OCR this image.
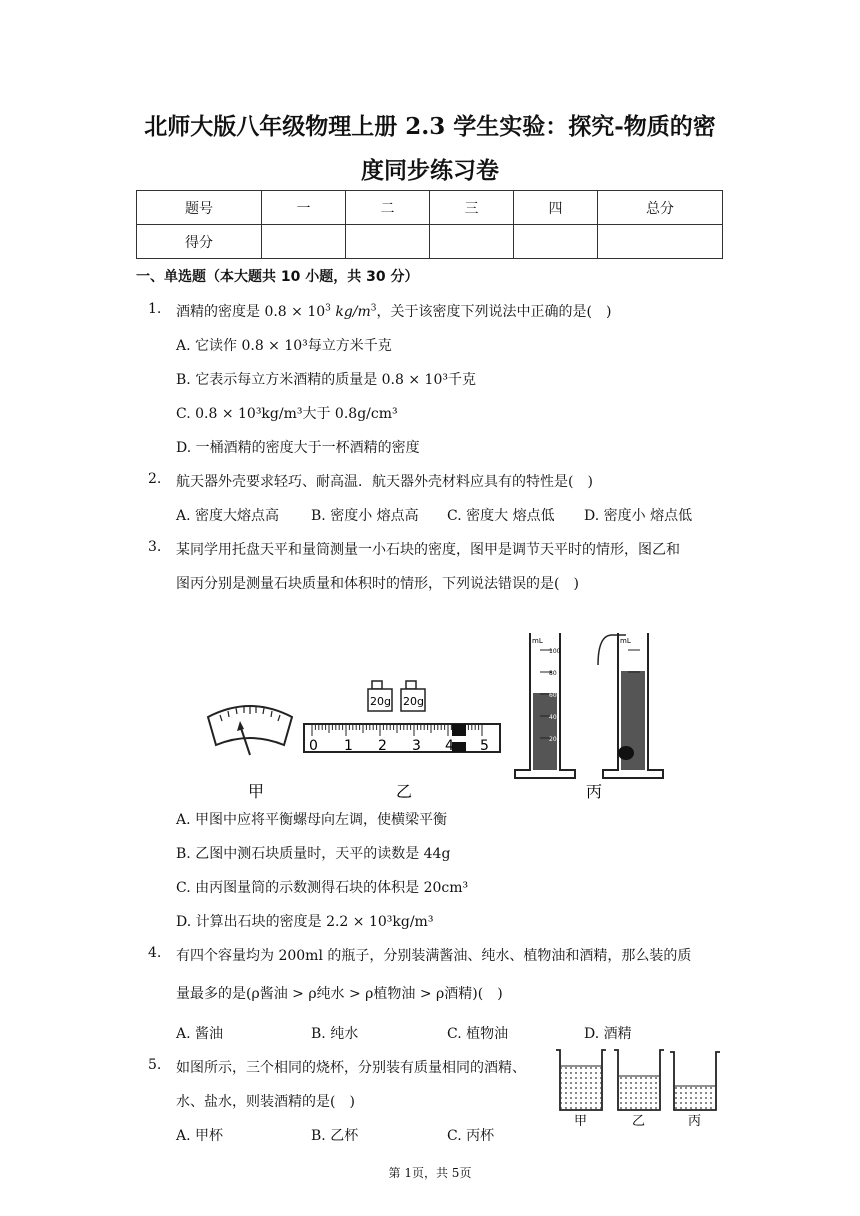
北师大版八年级物理上册 2.3 学生实验：探究-物质的密
度同步练习卷
题号	一	二	三	四	总分
得分					
一、单选题（本大题共 10 小题，共 30 分）
1. 酒精的密度是 $0.8 \times 10^3$ $kg/m^3$，关于该密度下列说法中正确的是(　)
A. 它读作 0.8 × 10³每立方米千克
B. 它表示每立方米酒精的质量是 0.8 × 10³千克
C. 0.8 × 10³kg/m³大于 0.8g/cm³
D. 一桶酒精的密度大于一杯酒精的密度
2. 航天器外壳要求轻巧、耐高温．航天器外壳材料应具有的特性是(　)
A. 密度大熔点高 B. 密度小 熔点高 C. 密度大 熔点低 D. 密度小 熔点低
3. 某同学用托盘天平和量筒测量一小石块的密度，图甲是调节天平时的情形，图乙和
图丙分别是测量石块质量和体积时的情形，下列说法错误的是(　)
20g 20g
0 1 2 3 4 5
mL
100
80
60
40
20
mL
甲	乙	丙
A. 甲图中应将平衡螺母向左调，使横梁平衡
B. 乙图中测石块质量时，天平的读数是 44g
C. 由丙图量筒的示数测得石块的体积是 20cm³
D. 计算出石块的密度是 2.2 × 10³kg/m³
4. 有四个容量均为 200ml 的瓶子，分别装满酱油、纯水、植物油和酒精，那么装的质
量最多的是(ρ酱油 > ρ纯水 > ρ植物油 > ρ酒精)(　)
A. 酱油	B. 纯水	C. 植物油	D. 酒精
5. 如图所示，三个相同的烧杯，分别装有质量相同的酒精、
水、盐水，则装酒精的是(　)
A. 甲杯	B. 乙杯	C. 丙杯
甲	乙	丙
第 1页，共 5页
